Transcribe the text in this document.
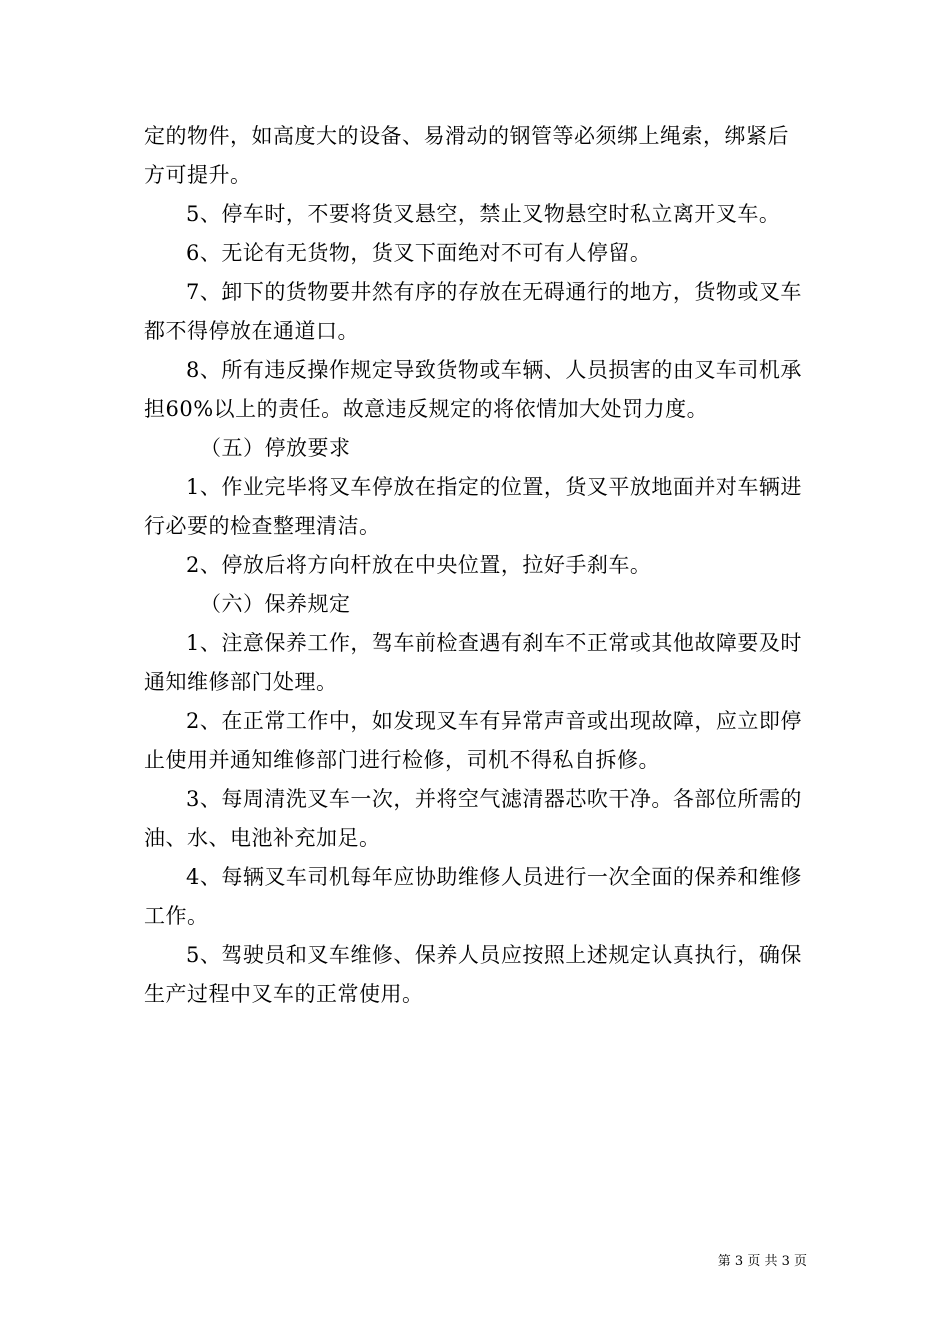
定的物件，如高度大的设备、易滑动的钢管等必须绑上绳索，绑紧后方可提升。

5、停车时，不要将货叉悬空，禁止叉物悬空时私立离开叉车。

6、无论有无货物，货叉下面绝对不可有人停留。

7、卸下的货物要井然有序的存放在无碍通行的地方，货物或叉车都不得停放在通道口。

8、所有违反操作规定导致货物或车辆、人员损害的由叉车司机承担60%以上的责任。故意违反规定的将依情加大处罚力度。

（五）停放要求

1、作业完毕将叉车停放在指定的位置，货叉平放地面并对车辆进行必要的检查整理清洁。

2、停放后将方向杆放在中央位置，拉好手刹车。

（六）保养规定

1、注意保养工作，驾车前检查遇有刹车不正常或其他故障要及时通知维修部门处理。

2、在正常工作中，如发现叉车有异常声音或出现故障，应立即停止使用并通知维修部门进行检修，司机不得私自拆修。

3、每周清洗叉车一次，并将空气滤清器芯吹干净。各部位所需的油、水、电池补充加足。

4、每辆叉车司机每年应协助维修人员进行一次全面的保养和维修工作。

5、驾驶员和叉车维修、保养人员应按照上述规定认真执行，确保生产过程中叉车的正常使用。

第 3 页 共 3 页
